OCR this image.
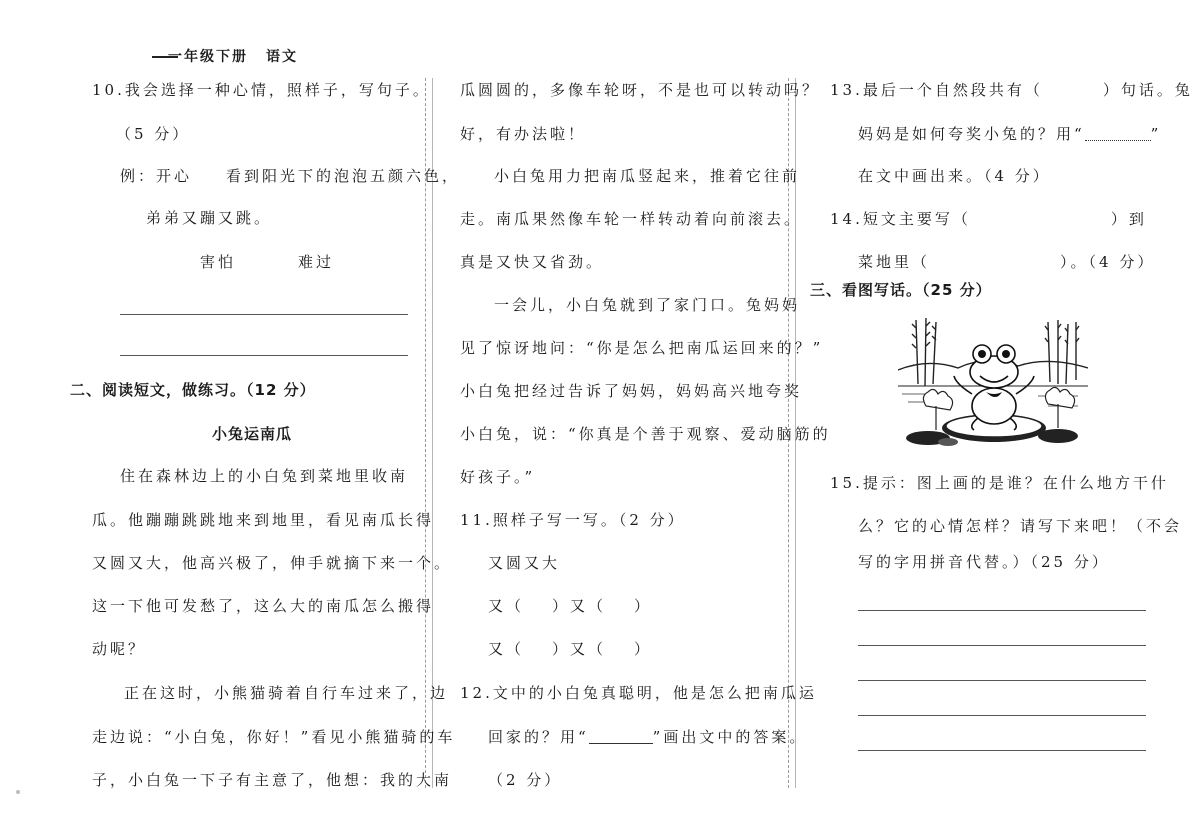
一年级下册 语文
10.我会选择一种心情，照样子，写句子。
（5 分）
例：开心 看到阳光下的泡泡五颜六色，
弟弟又蹦又跳。
害怕	难过
二、阅读短文，做练习。（12 分）
小兔运南瓜
住在森林边上的小白兔到菜地里收南
瓜。他蹦蹦跳跳地来到地里，看见南瓜长得
又圆又大，他高兴极了，伸手就摘下来一个。
这一下他可发愁了，这么大的南瓜怎么搬得
动呢？
正在这时，小熊猫骑着自行车过来了，边
走边说：“小白兔，你好！”看见小熊猫骑的车
子，小白兔一下子有主意了，他想：我的大南
瓜圆圆的，多像车轮呀，不是也可以转动吗？
好，有办法啦！
小白兔用力把南瓜竖起来，推着它往前
走。南瓜果然像车轮一样转动着向前滚去。
真是又快又省劲。
一会儿，小白兔就到了家门口。兔妈妈
见了惊讶地问：“你是怎么把南瓜运回来的？”
小白兔把经过告诉了妈妈，妈妈高兴地夸奖
小白兔，说：“你真是个善于观察、爱动脑筋的
好孩子。”
11.照样子写一写。（2 分）
又圆又大
又（ ）又（ ）
又（ ）又（ ）
12.文中的小白兔真聪明，他是怎么把南瓜运
回家的？用“	”画出文中的答案。
（2 分）
13.最后一个自然段共有（	）句话。兔
妈妈是如何夸奖小兔的？用“	”
在文中画出来。（4 分）
14.短文主要写（	）到
菜地里（	）。（4 分）
三、看图写话。（25 分）
15.提示：图上画的是谁？在什么地方干什
么？它的心情怎样？请写下来吧！（不会
写的字用拼音代替。）（25 分）
